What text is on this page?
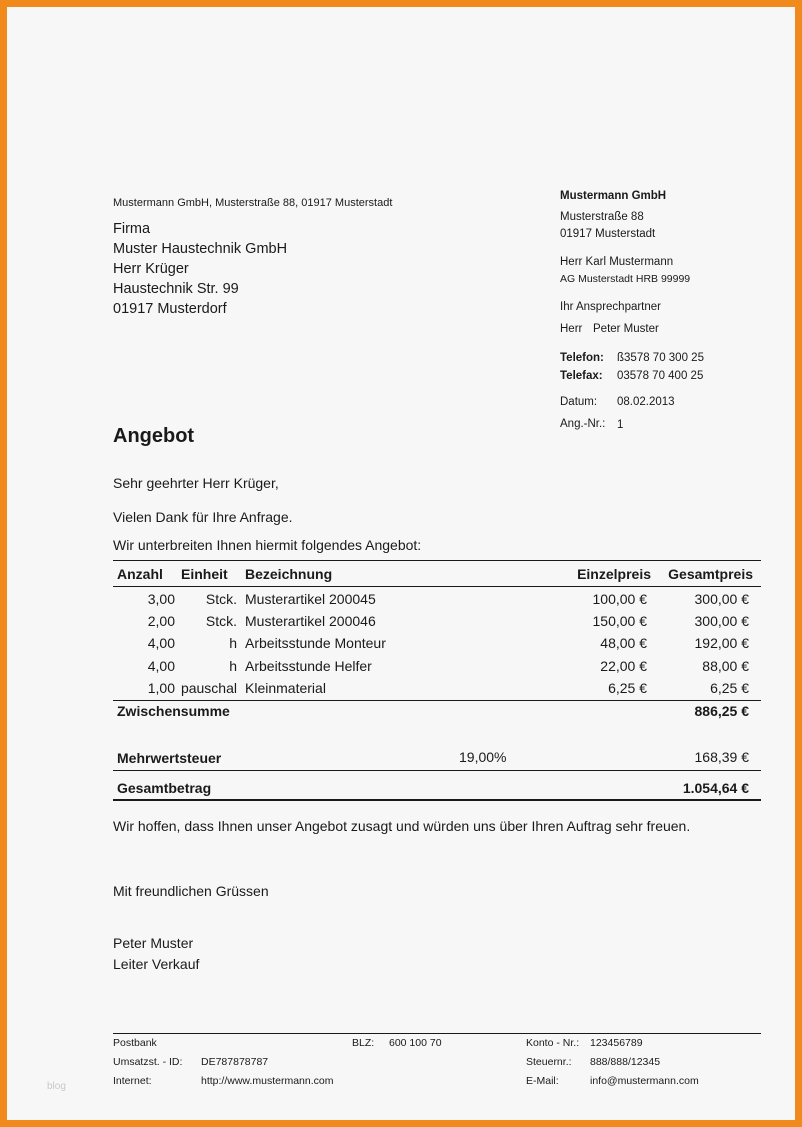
Mustermann GmbH, Musterstraße 88, 01917 Musterstadt
Firma
Muster Haustechnik GmbH
Herr Krüger
Haustechnik Str. 99
01917 Musterdorf
Mustermann GmbH
Musterstraße 88
01917 Musterstadt
Herr Karl Mustermann
AG Musterstadt HRB 99999
Ihr Ansprechpartner
Herr Peter Muster
Telefon: ß3578 70 300 25
Telefax: 03578 70 400 25
Datum: 08.02.2013
Ang.-Nr.: 1
Angebot
Sehr geehrter Herr Krüger,
Vielen Dank für Ihre Anfrage.
Wir unterbreiten Ihnen hiermit folgendes Angebot:
Anzahl Einheit Bezeichnung	Einzelpreis	Gesamtpreis
3,00	Stck. Musterartikel 200045	100,00 €	300,00 €
2,00	Stck. Musterartikel 200046	150,00 €	300,00 €
4,00	h Arbeitsstunde Monteur	48,00 €	192,00 €
4,00	h Arbeitsstunde Helfer	22,00 €	88,00 €
1,00 pauschal Kleinmaterial	6,25 €	6,25 €
Zwischensumme	886,25 €
Mehrwertsteuer	19,00%	168,39 €
Gesamtbetrag	1.054,64 €
Wir hoffen, dass Ihnen unser Angebot zusagt und würden uns über Ihren Auftrag sehr freuen.
Mit freundlichen Grüssen
Peter Muster
Leiter Verkauf
Postbank	BLZ: 600 100 70	Konto - Nr.: 123456789
Umsatzst. - ID: DE787878787	Steuernr.: 888/888/12345
Internet:	http://www.mustermann.com	E-Mail:	info@mustermann.com
blog
